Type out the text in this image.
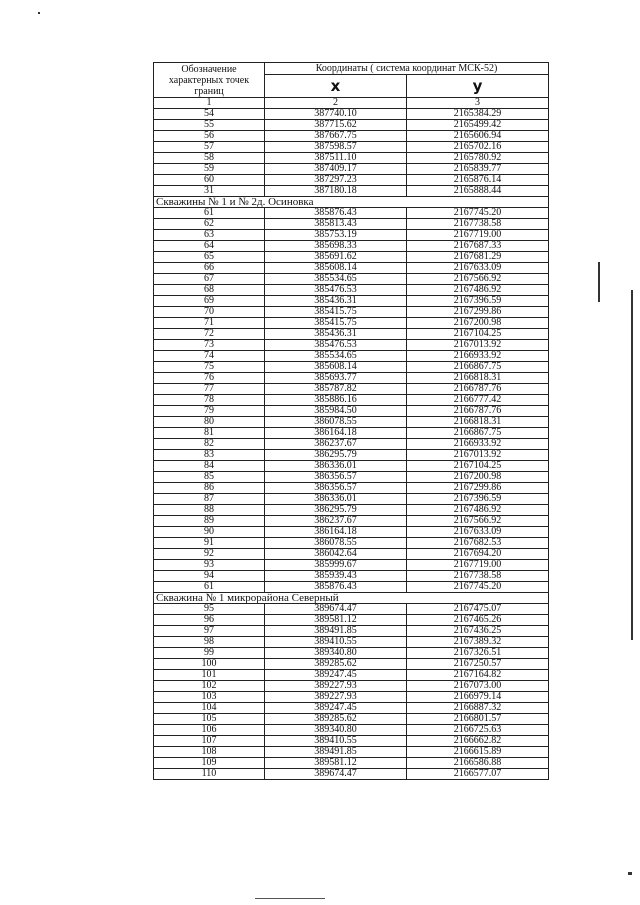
Обозначение характерных точек границ	Координаты ( система координат МСК-52)	
	x	y
1	2	3
54	387740.10	2165384.29
55	387715.62	2165499.42
56	387667.75	2165606.94
57	387598.57	2165702.16
58	387511.10	2165780.92
59	387409.17	2165839.77
60	387297.23	2165876.14
31	387180.18	2165888.44
Скважины № 1 и № 2д. Осиновка		
61	385876.43	2167745.20
62	385813.43	2167738.58
63	385753.19	2167719.00
64	385698.33	2167687.33
65	385691.62	2167681.29
66	385608.14	2167633.09
67	385534.65	2167566.92
68	385476.53	2167486.92
69	385436.31	2167396.59
70	385415.75	2167299.86
71	385415.75	2167200.98
72	385436.31	2167104.25
73	385476.53	2167013.92
74	385534.65	2166933.92
75	385608.14	2166867.75
76	385693.77	2166818.31
77	385787.82	2166787.76
78	385886.16	2166777.42
79	385984.50	2166787.76
80	386078.55	2166818.31
81	386164.18	2166867.75
82	386237.67	2166933.92
83	386295.79	2167013.92
84	386336.01	2167104.25
85	386356.57	2167200.98
86	386356.57	2167299.86
87	386336.01	2167396.59
88	386295.79	2167486.92
89	386237.67	2167566.92
90	386164.18	2167633.09
91	386078.55	2167682.53
92	386042.64	2167694.20
93	385999.67	2167719.00
94	385939.43	2167738.58
61	385876.43	2167745.20
Скважина № 1 микрорайона Северный		
95	389674.47	2167475.07
96	389581.12	2167465.26
97	389491.85	2167436.25
98	389410.55	2167389.32
99	389340.80	2167326.51
100	389285.62	2167250.57
101	389247.45	2167164.82
102	389227.93	2167073.00
103	389227.93	2166979.14
104	389247.45	2166887.32
105	389285.62	2166801.57
106	389340.80	2166725.63
107	389410.55	2166662.82
108	389491.85	2166615.89
109	389581.12	2166586.88
110	389674.47	2166577.07
